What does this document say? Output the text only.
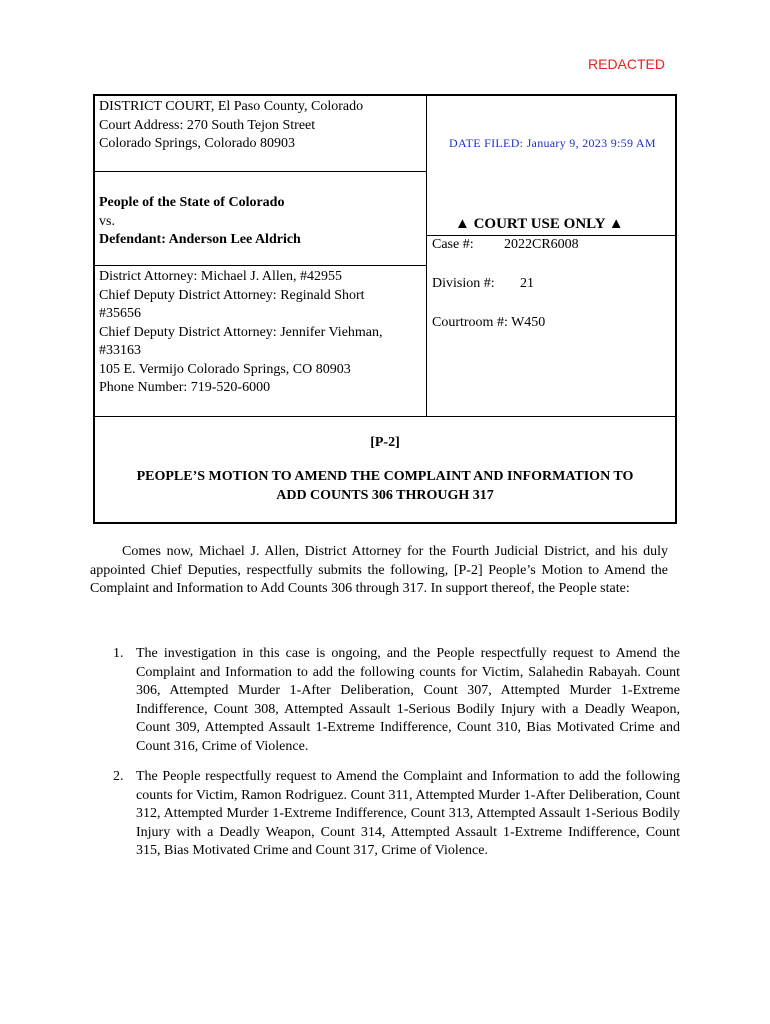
REDACTED
DISTRICT COURT, El Paso County, Colorado
Court Address: 270 South Tejon Street
Colorado Springs, Colorado 80903	DATE FILED: January 9, 2023 9:59 AM
People of the State of Colorado
vs.
Defendant: Anderson Lee Aldrich
▲ COURT USE ONLY ▲
Case #: 2022CR6008
Division #: 21
Courtroom #: W450
District Attorney: Michael J. Allen, #42955
Chief Deputy District Attorney: Reginald Short
#35656
Chief Deputy District Attorney: Jennifer Viehman,
#33163
105 E. Vermijo Colorado Springs, CO 80903
Phone Number: 719-520-6000
[P-2]
PEOPLE’S MOTION TO AMEND THE COMPLAINT AND INFORMATION TO
ADD COUNTS 306 THROUGH 317
Comes now, Michael J. Allen, District Attorney for the Fourth Judicial District, and his duly appointed Chief Deputies, respectfully submits the following, [P-2] People’s Motion to Amend the Complaint and Information to Add Counts 306 through 317. In support thereof, the People state:
1. The investigation in this case is ongoing, and the People respectfully request to Amend the Complaint and Information to add the following counts for Victim, Salahedin Rabayah. Count 306, Attempted Murder 1-After Deliberation, Count 307, Attempted Murder 1-Extreme Indifference, Count 308, Attempted Assault 1-Serious Bodily Injury with a Deadly Weapon, Count 309, Attempted Assault 1-Extreme Indifference, Count 310, Bias Motivated Crime and Count 316, Crime of Violence.
2. The People respectfully request to Amend the Complaint and Information to add the following counts for Victim, Ramon Rodriguez. Count 311, Attempted Murder 1-After Deliberation, Count 312, Attempted Murder 1-Extreme Indifference, Count 313, Attempted Assault 1-Serious Bodily Injury with a Deadly Weapon, Count 314, Attempted Assault 1-Extreme Indifference, Count 315, Bias Motivated Crime and Count 317, Crime of Violence.
